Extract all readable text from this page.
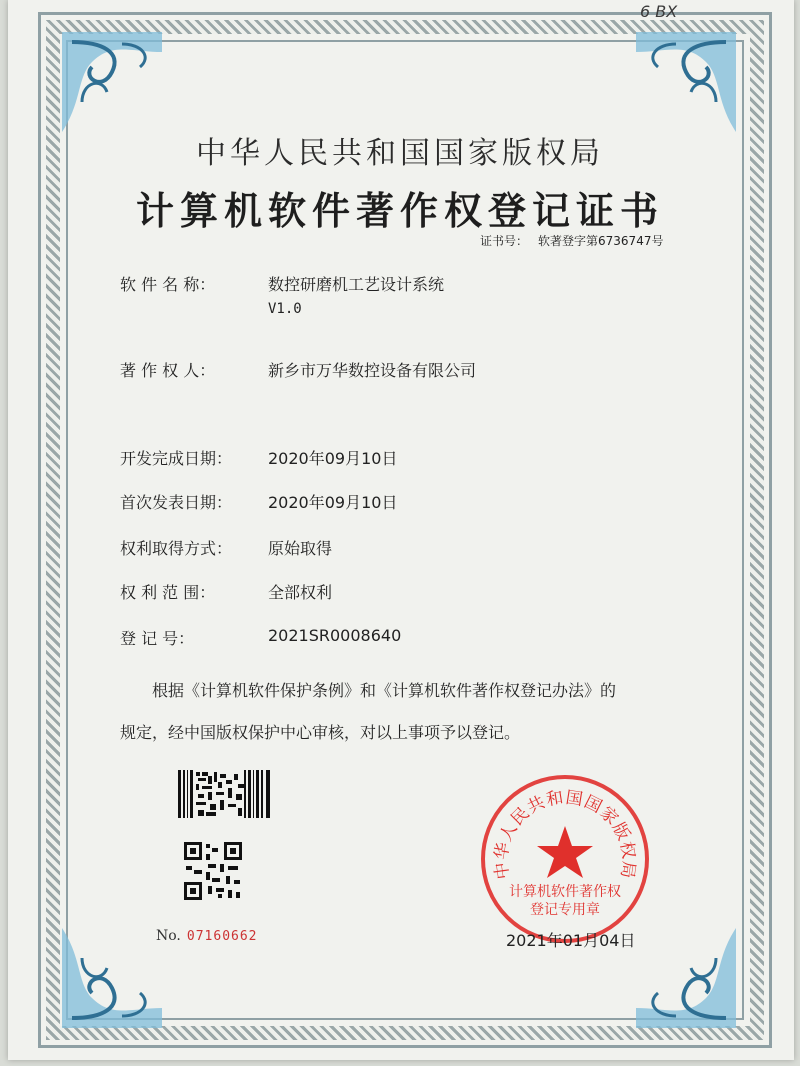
6 BX
中华人民共和国国家版权局
计算机软件著作权登记证书
证书号： 软著登字第6736747号
软 件 名 称：	数控研磨机工艺设计系统
V1.0
著 作 权 人：	新乡市万华数控设备有限公司
开发完成日期： 2020年09月10日
首次发表日期： 2020年09月10日
权利取得方式： 原始取得
权 利 范 围：	全部权利
登 记 号：	2021SR0008640

根据《计算机软件保护条例》和《计算机软件著作权登记办法》的

规定，经中国版权保护中心审核，对以上事项予以登记。

No. 07160662
中华人民共和国国家版权局
计算机软件著作权
登记专用章
2021年01月04日
